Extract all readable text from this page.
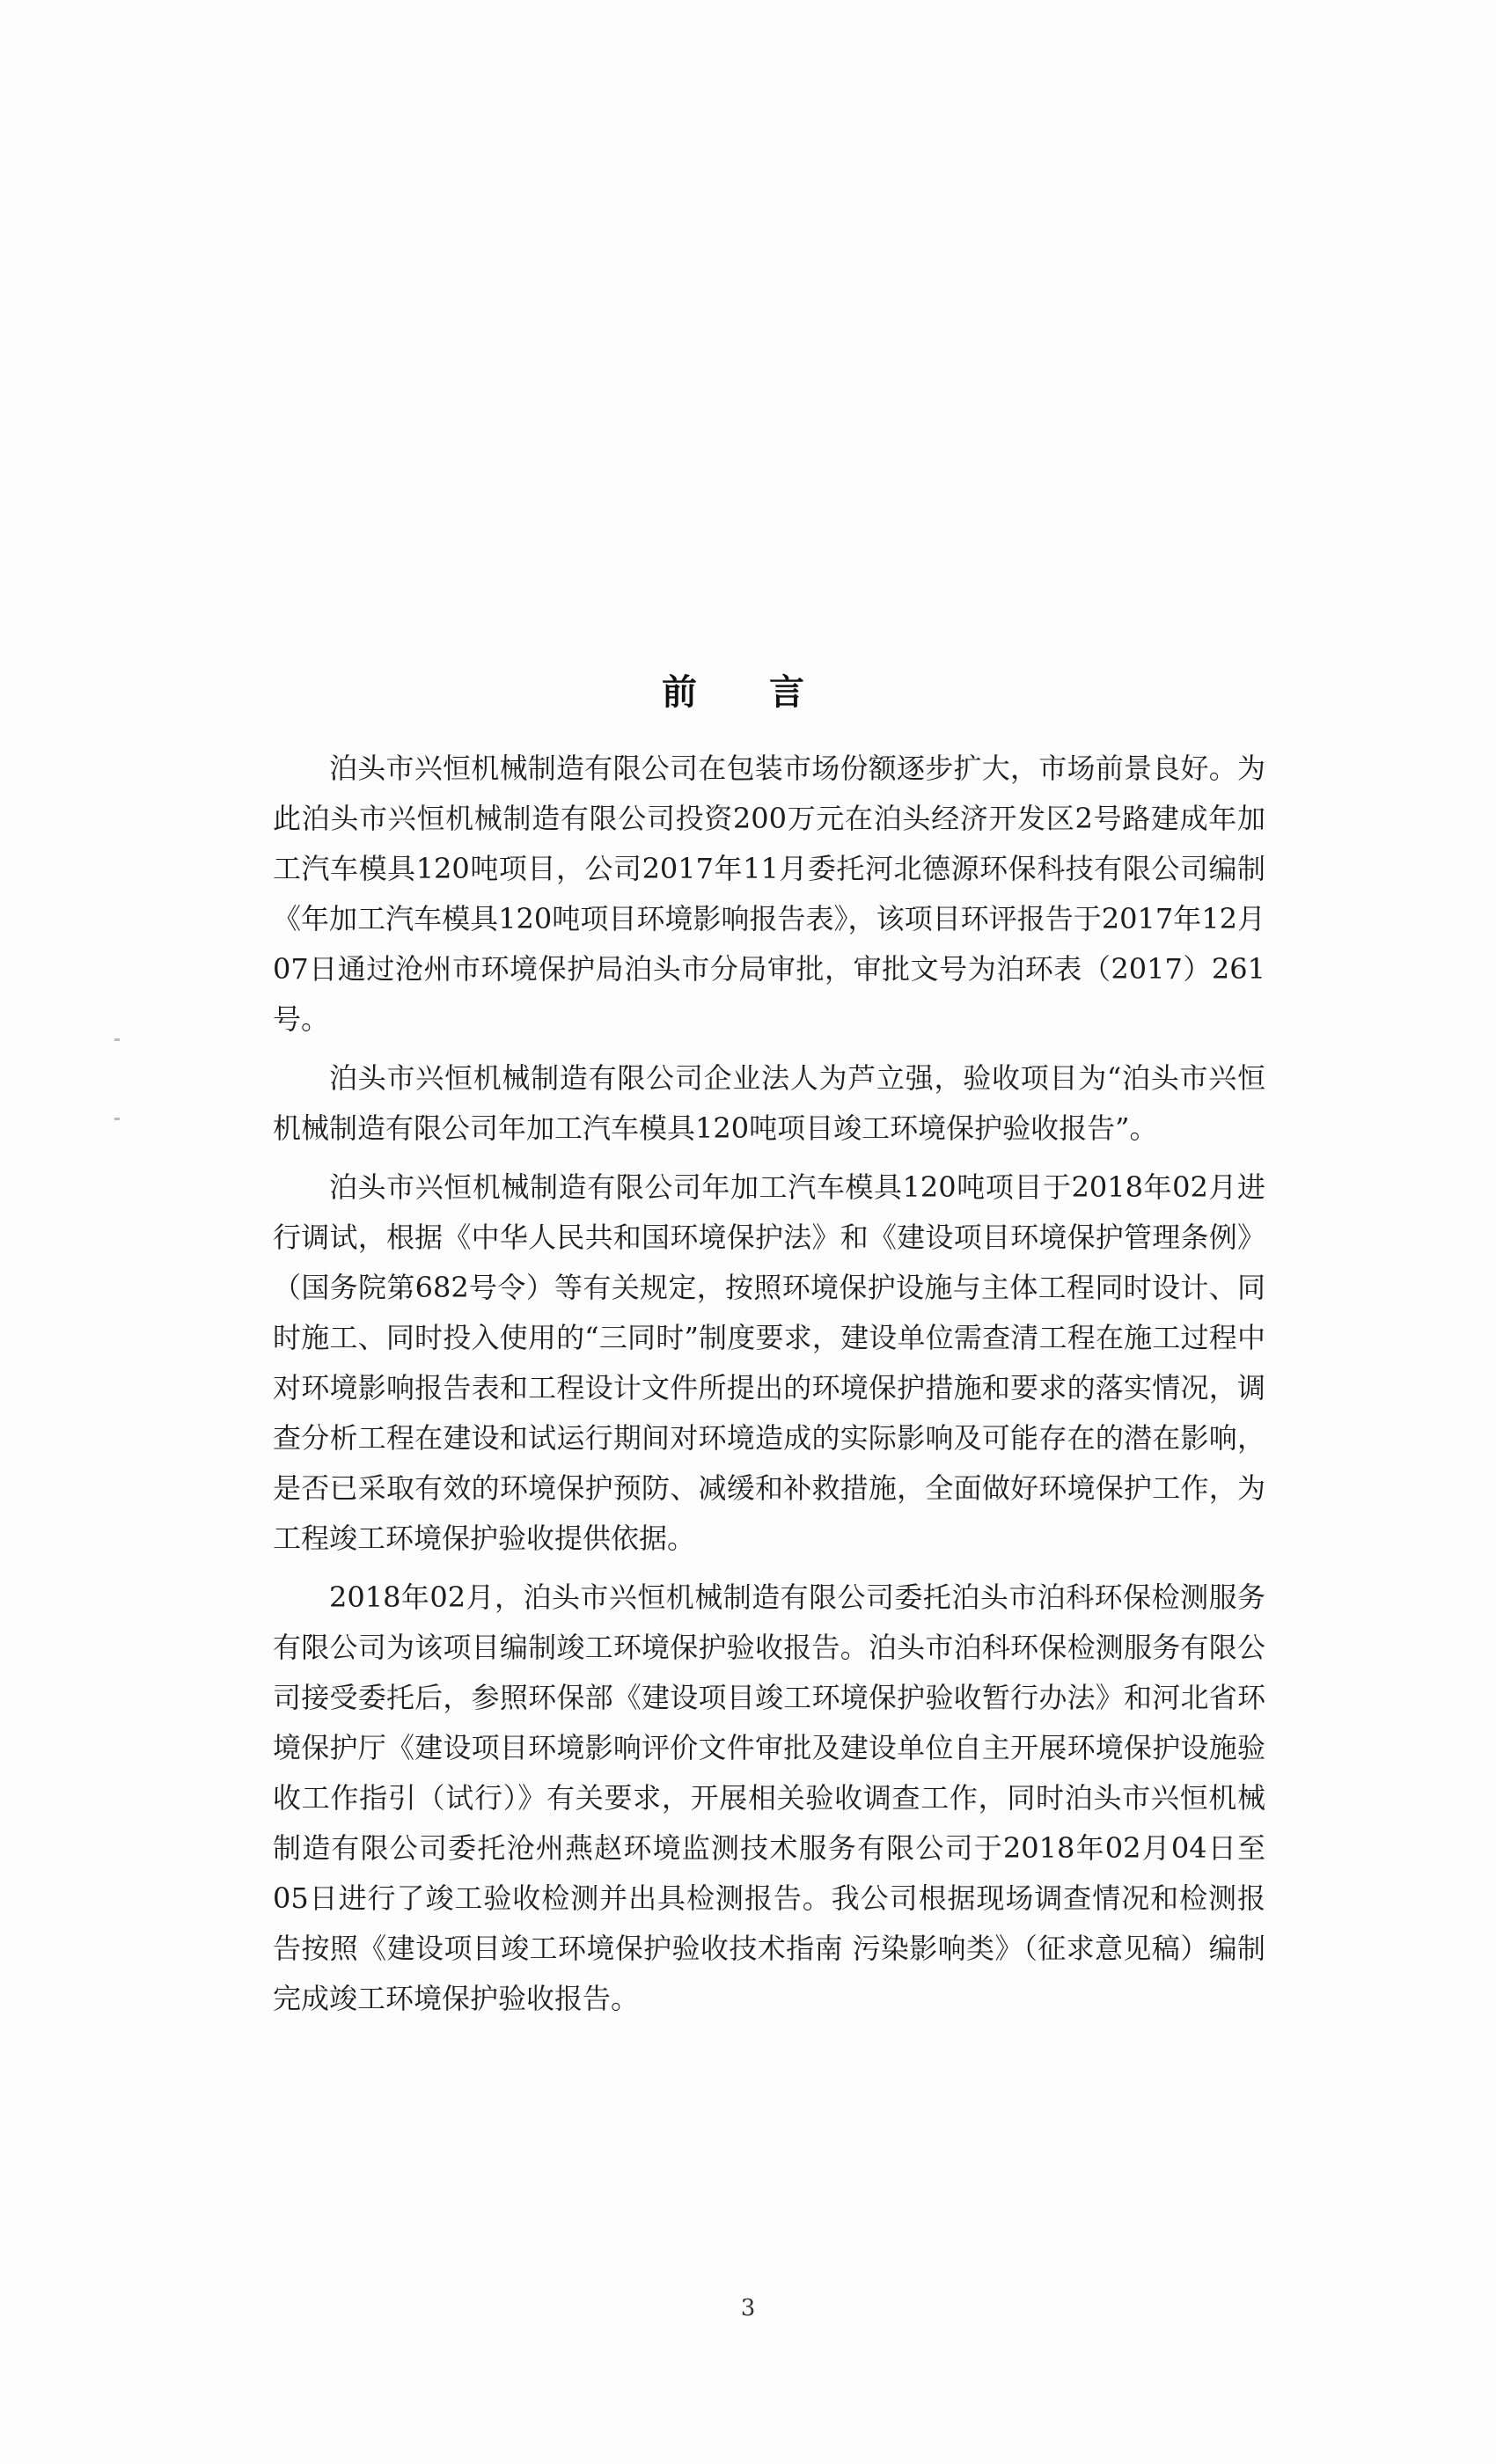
前 言

泊头市兴恒机械制造有限公司在包装市场份额逐步扩大，市场前景良好。为此泊头市兴恒机械制造有限公司投资200万元在泊头经济开发区2号路建成年加工汽车模具120吨项目，公司2017年11月委托河北德源环保科技有限公司编制《年加工汽车模具120吨项目环境影响报告表》，该项目环评报告于2017年12月07日通过沧州市环境保护局泊头市分局审批，审批文号为泊环表（2017）261号。

泊头市兴恒机械制造有限公司企业法人为芦立强，验收项目为“泊头市兴恒机械制造有限公司年加工汽车模具120吨项目竣工环境保护验收报告”。

泊头市兴恒机械制造有限公司年加工汽车模具120吨项目于2018年02月进行调试，根据《中华人民共和国环境保护法》和《建设项目环境保护管理条例》（国务院第682号令）等有关规定，按照环境保护设施与主体工程同时设计、同时施工、同时投入使用的“三同时”制度要求，建设单位需查清工程在施工过程中对环境影响报告表和工程设计文件所提出的环境保护措施和要求的落实情况，调查分析工程在建设和试运行期间对环境造成的实际影响及可能存在的潜在影响，是否已采取有效的环境保护预防、减缓和补救措施，全面做好环境保护工作，为工程竣工环境保护验收提供依据。

2018年02月，泊头市兴恒机械制造有限公司委托泊头市泊科环保检测服务有限公司为该项目编制竣工环境保护验收报告。泊头市泊科环保检测服务有限公司接受委托后，参照环保部《建设项目竣工环境保护验收暂行办法》和河北省环境保护厅《建设项目环境影响评价文件审批及建设单位自主开展环境保护设施验收工作指引（试行）》有关要求，开展相关验收调查工作，同时泊头市兴恒机械制造有限公司委托沧州燕赵环境监测技术服务有限公司于2018年02月04日至05日进行了竣工验收检测并出具检测报告。我公司根据现场调查情况和检测报告按照《建设项目竣工环境保护验收技术指南 污染影响类》（征求意见稿）编制完成竣工环境保护验收报告。

3
